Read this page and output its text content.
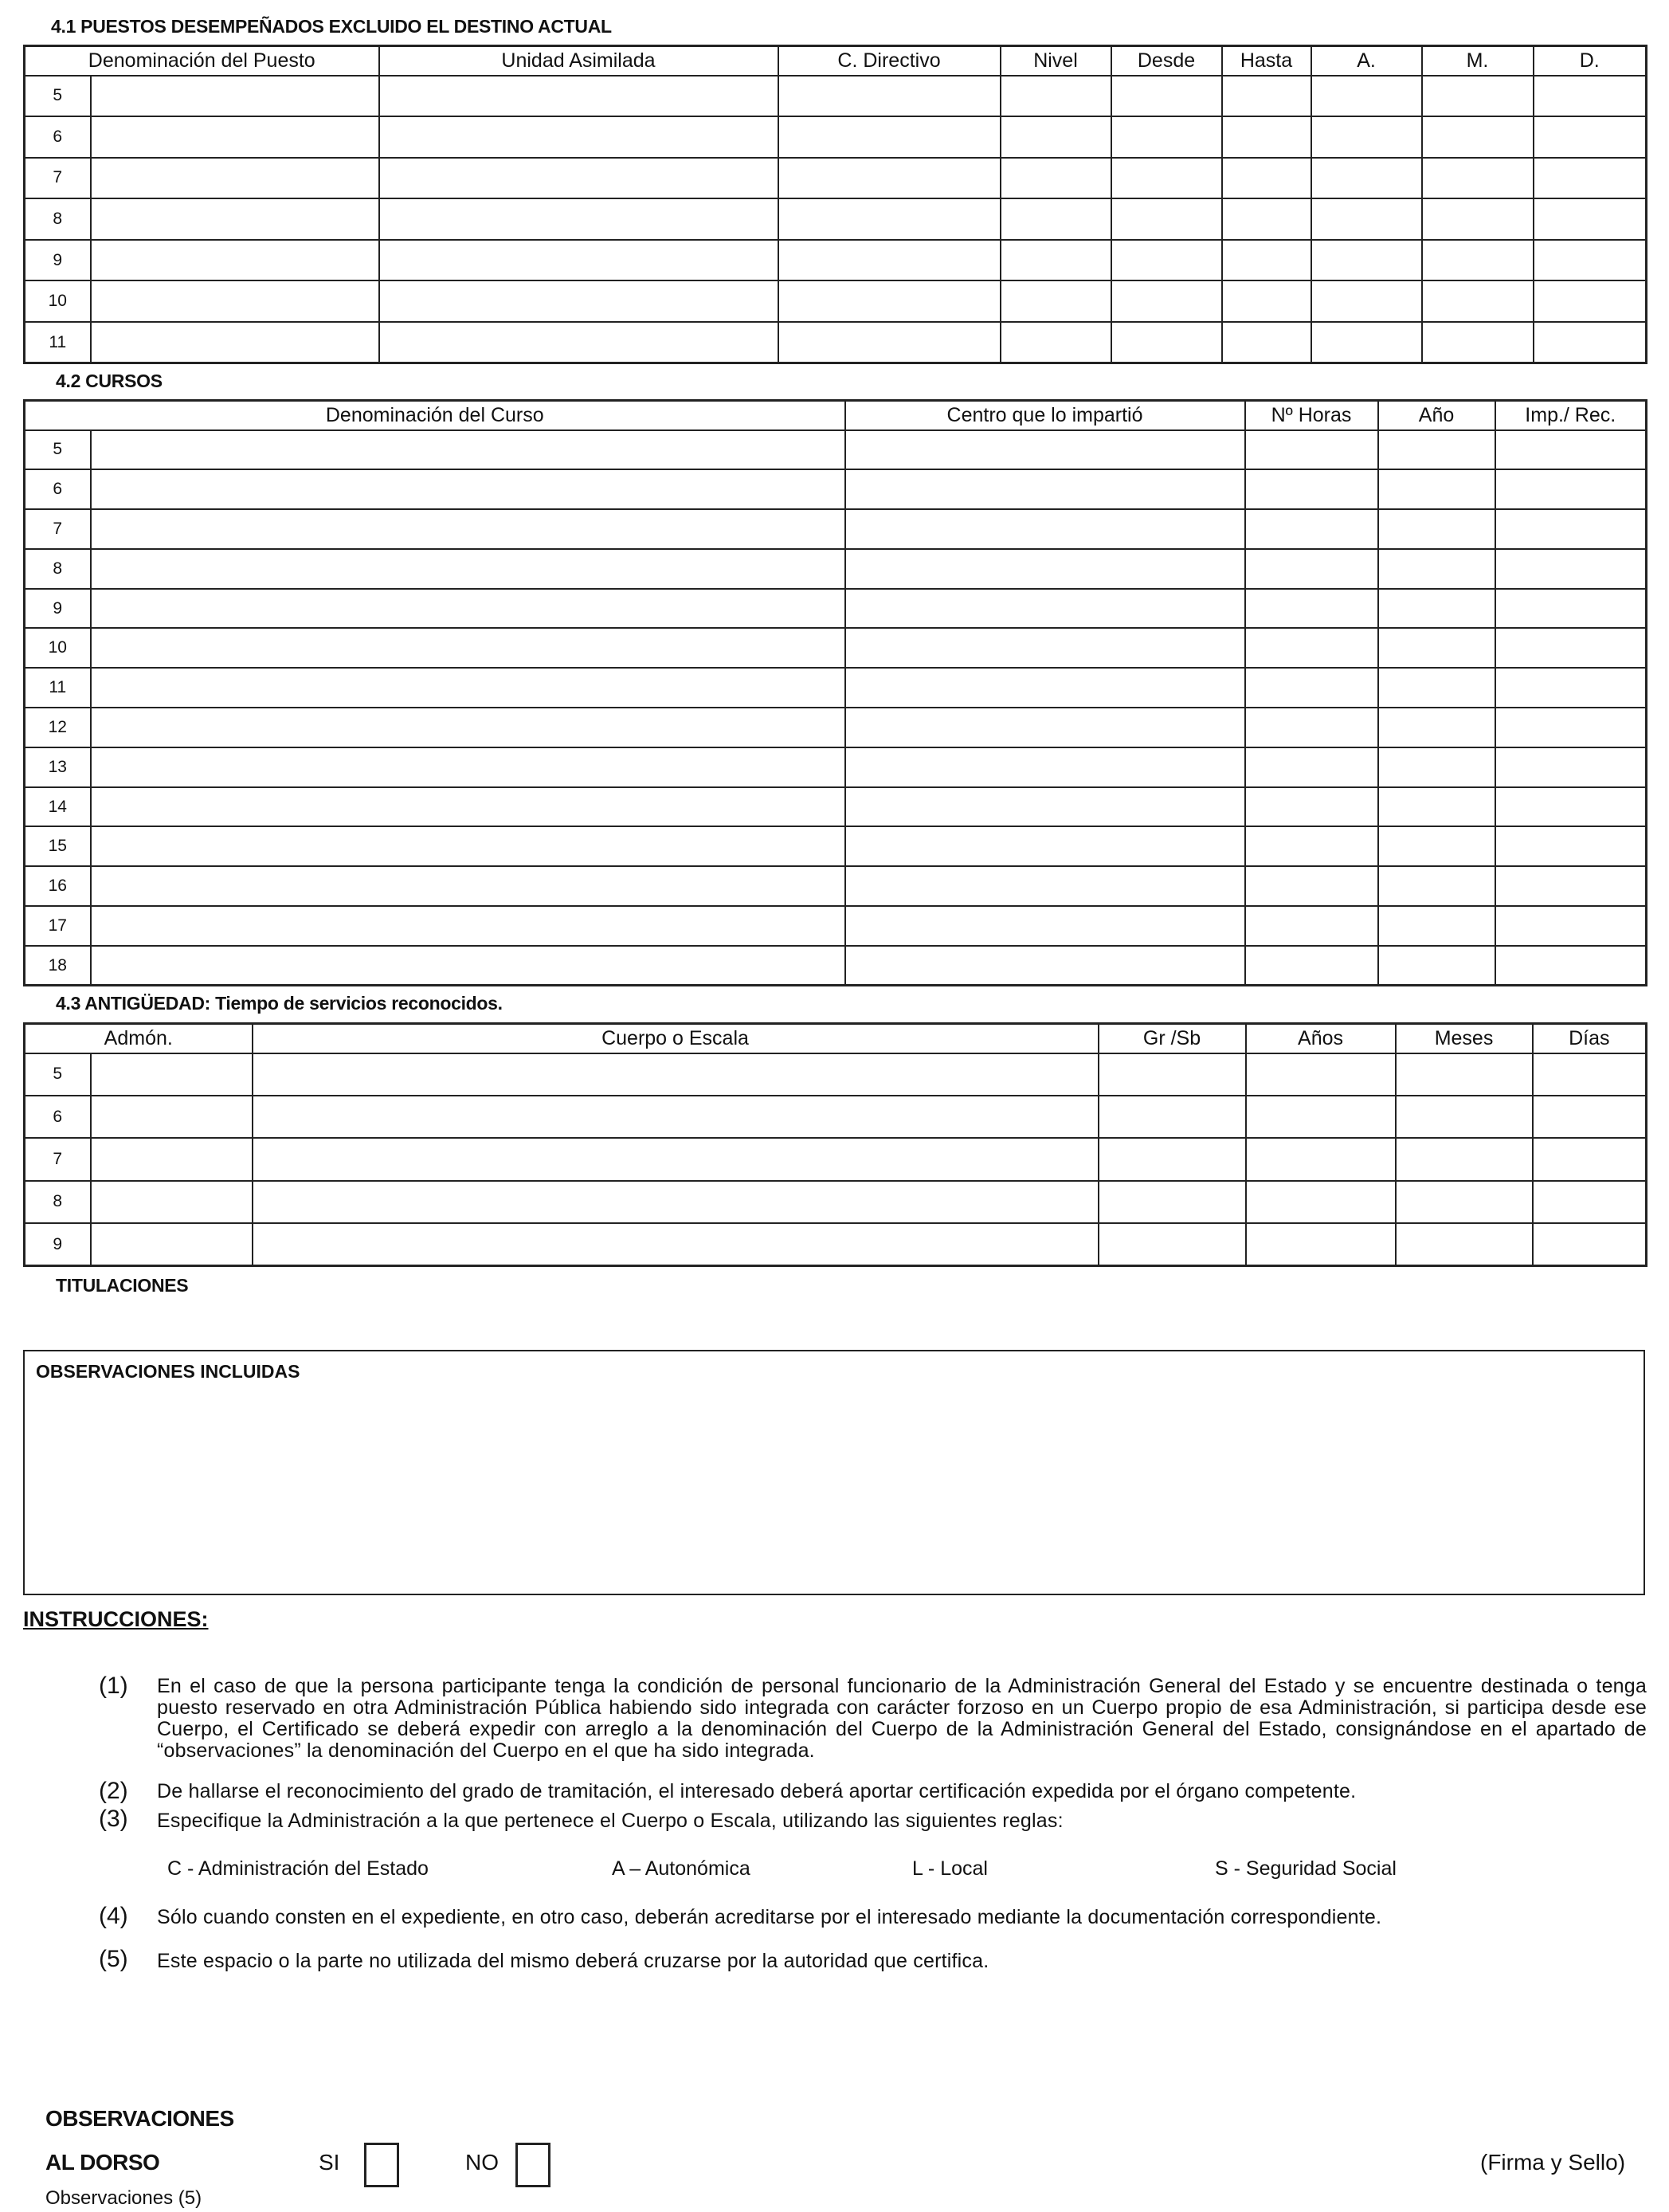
4.1 PUESTOS DESEMPEÑADOS EXCLUIDO EL DESTINO ACTUAL
Denominación del Puesto		Unidad Asimilada	C. Directivo	Nivel	Desde	Hasta	A.	M.	D.
5									
6									
7									
8									
9									
10									
11									
4.2 CURSOS
Denominación del Curso		Centro que lo impartió	Nº Horas	Año	Imp./ Rec.
5					
6					
7					
8					
9					
10					
11					
12					
13					
14					
15					
16					
17					
18					
4.3 ANTIGÜEDAD: Tiempo de servicios reconocidos.
Admón.		Cuerpo o Escala	Gr /Sb	Años	Meses	Días
5						
6						
7						
8						
9						
TITULACIONES
OBSERVACIONES INCLUIDAS
INSTRUCCIONES:
(1) En el caso de que la persona participante tenga la condición de personal funcionario de la Administración General del Estado y se encuentre destinada o tenga puesto reservado en otra Administración Pública habiendo sido integrada con carácter forzoso en un Cuerpo propio de esa Administración, si participa desde ese Cuerpo, el Certificado se deberá expedir con arreglo a la denominación del Cuerpo de la Administración General del Estado, consignándose en el apartado de “observaciones” la denominación del Cuerpo en el que ha sido integrada.
(2) De hallarse el reconocimiento del grado de tramitación, el interesado deberá aportar certificación expedida por el órgano competente.
(3) Especifique la Administración a la que pertenece el Cuerpo o Escala, utilizando las siguientes reglas:
C - Administración del Estado	A – Autonómica	L - Local	S - Seguridad Social
(4) Sólo cuando consten en el expediente, en otro caso, deberán acreditarse por el interesado mediante la documentación correspondiente.
(5) Este espacio o la parte no utilizada del mismo deberá cruzarse por la autoridad que certifica.
OBSERVACIONES
AL DORSO	SI	NO	(Firma y Sello)
Observaciones (5)
